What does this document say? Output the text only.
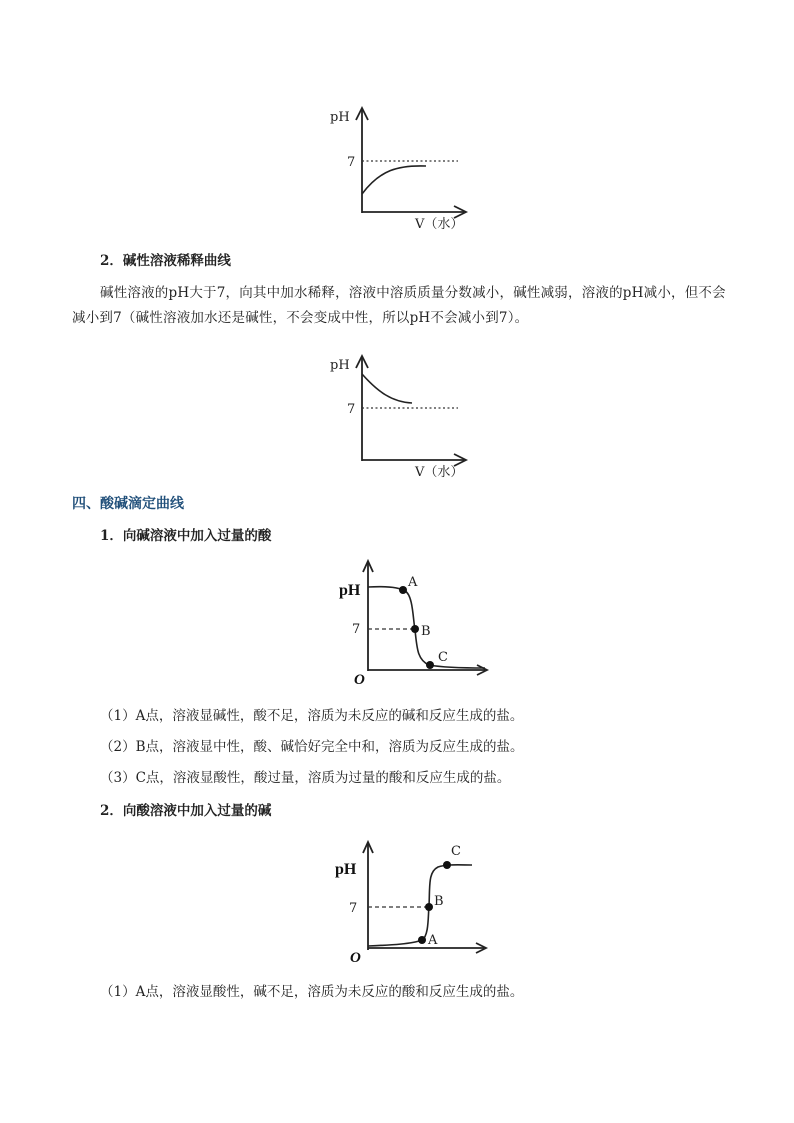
pH
7
V（水）

2．碱性溶液稀释曲线

碱性溶液的pH大于7，向其中加水稀释，溶液中溶质质量分数减小，碱性减弱，溶液的pH减小，但不会减小到7（碱性溶液加水还是碱性，不会变成中性，所以pH不会减小到7）。

pH
7
V（水）

四、酸碱滴定曲线

1．向碱溶液中加入过量的酸

pH
7
O
A
B
C

（1）A点，溶液显碱性，酸不足，溶质为未反应的碱和反应生成的盐。

（2）B点，溶液显中性，酸、碱恰好完全中和，溶质为反应生成的盐。

（3）C点，溶液显酸性，酸过量，溶质为过量的酸和反应生成的盐。

2．向酸溶液中加入过量的碱

pH
7
O
A
B
C

（1）A点，溶液显酸性，碱不足，溶质为未反应的酸和反应生成的盐。
